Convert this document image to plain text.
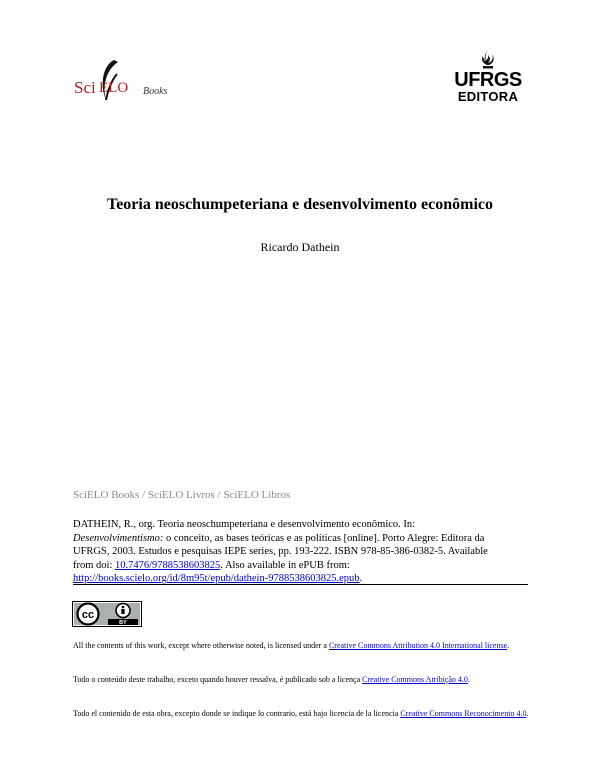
Sci ELO Books
UFRGS
EDITORA
Teoria neoschumpeteriana e desenvolvimento econômico
Ricardo Dathein
SciELO Books / SciELO Livros / SciELO Libros
DATHEIN, R., org. Teoria neoschumpeteriana e desenvolvimento econômico. In:
Desenvolvimentismo: o conceito, as bases teóricas e as políticas [online]. Porto Alegre: Editora da
UFRGS, 2003. Estudos e pesquisas IEPE series, pp. 193-222. ISBN 978-85-386-0382-5. Available
from doi: 10.7476/9788538603825. Also available in ePUB from:
http://books.scielo.org/id/8m95t/epub/dathein-9788538603825.epub.
cc
BY
All the contents of this work, except where otherwise noted, is licensed under a Creative Commons Attribution 4.0 International license.
Todo o conteúdo deste trabalho, exceto quando houver ressalva, é publicado sob a licença Creative Commons Atribição 4.0.
Todo el contenido de esta obra, excepto donde se indique lo contrario, está bajo licencia de la licencia Creative Commons Reconocimento 4.0.
